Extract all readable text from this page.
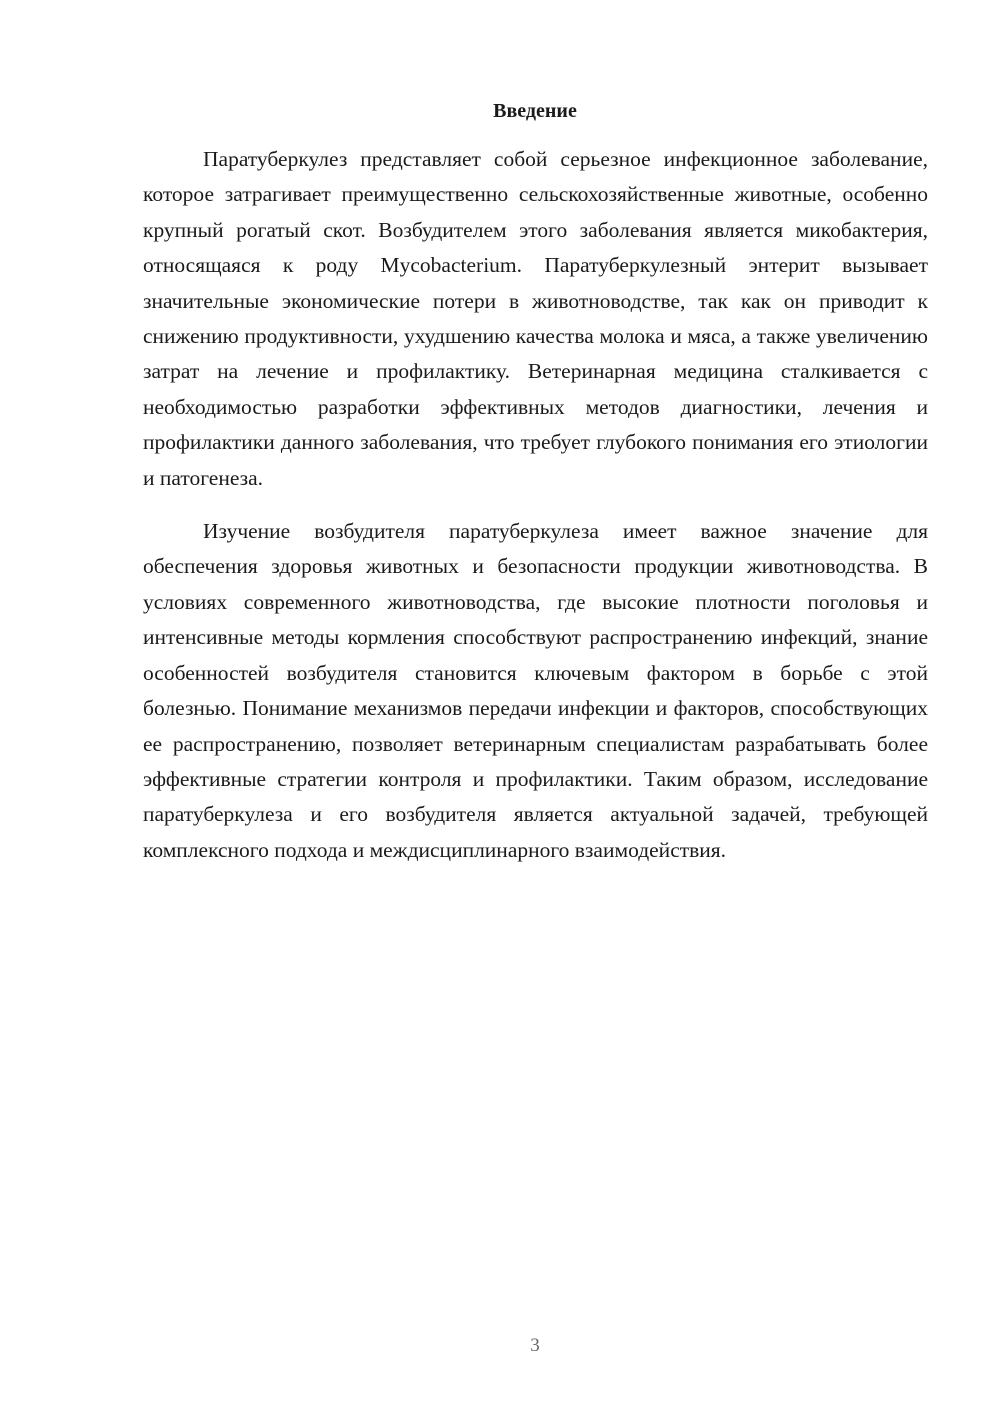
Введение

Паратуберкулез представляет собой серьезное инфекционное заболевание, которое затрагивает преимущественно сельскохозяйственные животные, особенно крупный рогатый скот. Возбудителем этого заболевания является микобактерия, относящаяся к роду Mycobacterium. Паратуберкулезный энтерит вызывает значительные экономические потери в животноводстве, так как он приводит к снижению продуктивности, ухудшению качества молока и мяса, а также увеличению затрат на лечение и профилактику. Ветеринарная медицина сталкивается с необходимостью разработки эффективных методов диагностики, лечения и профилактики данного заболевания, что требует глубокого понимания его этиологии и патогенеза.

Изучение возбудителя паратуберкулеза имеет важное значение для обеспечения здоровья животных и безопасности продукции животноводства. В условиях современного животноводства, где высокие плотности поголовья и интенсивные методы кормления способствуют распространению инфекций, знание особенностей возбудителя становится ключевым фактором в борьбе с этой болезнью. Понимание механизмов передачи инфекции и факторов, способствующих ее распространению, позволяет ветеринарным специалистам разрабатывать более эффективные стратегии контроля и профилактики. Таким образом, исследование паратуберкулеза и его возбудителя является актуальной задачей, требующей комплексного подхода и междисциплинарного взаимодействия.

3
